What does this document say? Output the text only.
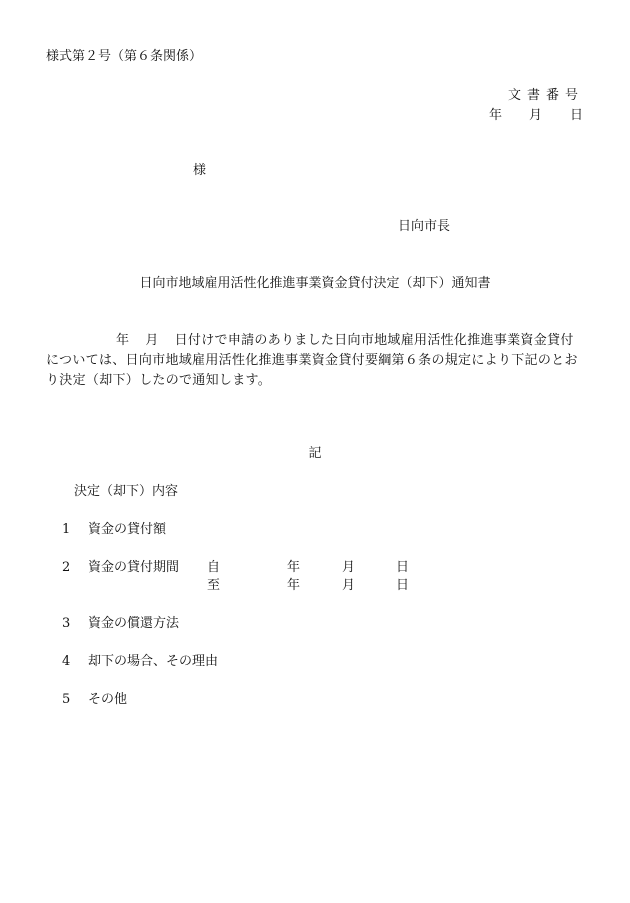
様式第２号（第６条関係）
文書番号
年 月 日
様
日向市長
日向市地域雇用活性化推進事業資金貸付決定（却下）通知書
年 月 日付けで申請のありました日向市地域雇用活性化推進事業資金貸付については、日向市地域雇用活性化推進事業資金貸付要綱第６条の規定により下記のとおり決定（却下）したので通知します。
記
決定（却下）内容
1 資金の貸付額
2 資金の貸付期間 自	年	月	日
至	年	月	日
3 資金の償還方法
4 却下の場合、その理由
5 その他
